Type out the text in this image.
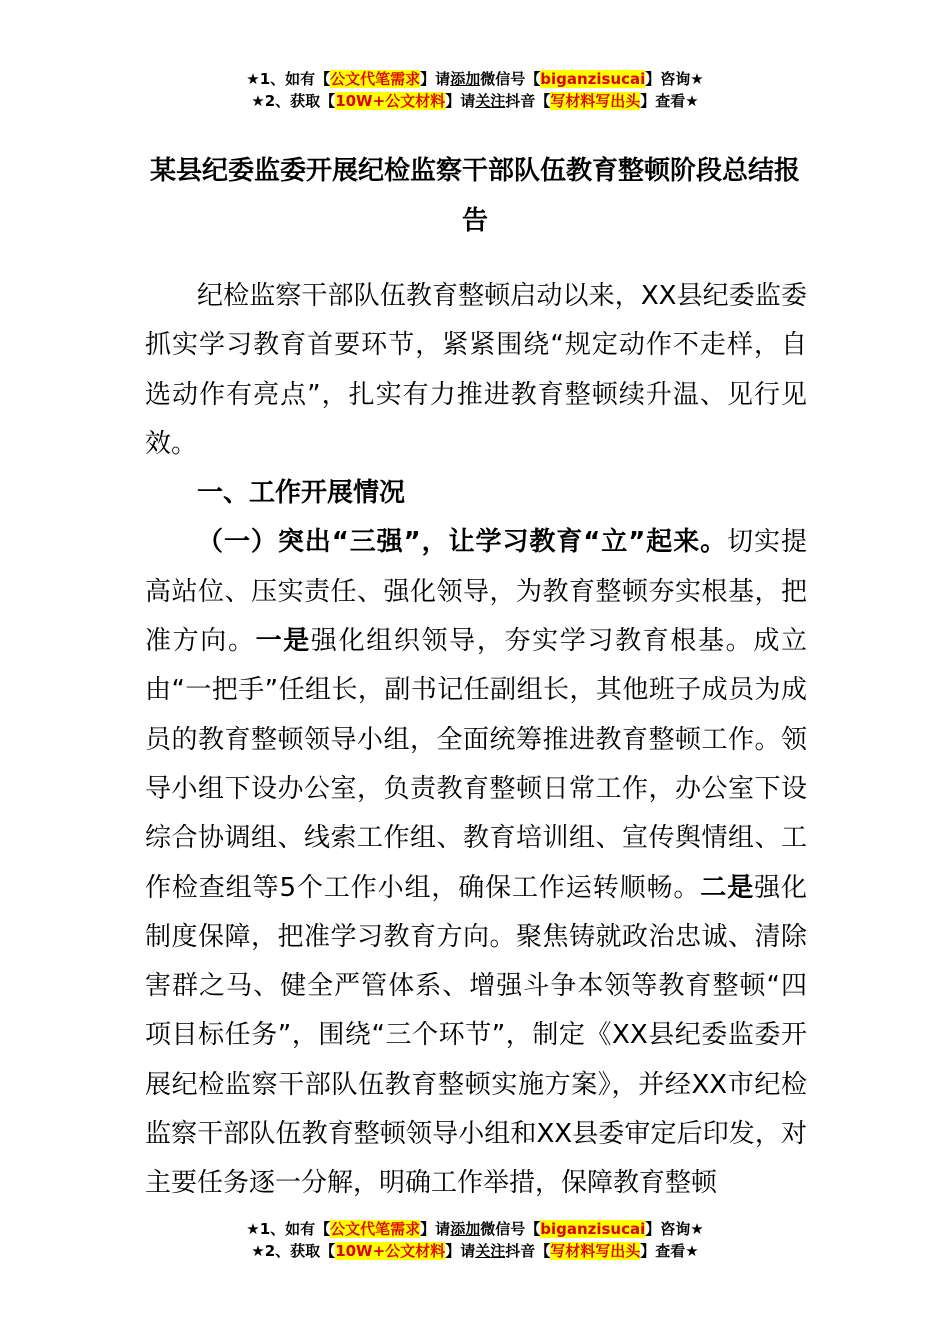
★1、如有【公文代笔需求】请添加微信号【biganzisucai】咨询★
★2、获取【10W+公文材料】请关注抖音【写材料写出头】查看★
某县纪委监委开展纪检监察干部队伍教育整顿阶段总结报告

纪检监察干部队伍教育整顿启动以来，XX县纪委监委抓实学习教育首要环节，紧紧围绕“规定动作不走样，自选动作有亮点”，扎实有力推进教育整顿续升温、见行见效。

一、工作开展情况

（一）突出“三强”，让学习教育“立”起来。切实提高站位、压实责任、强化领导，为教育整顿夯实根基，把准方向。一是强化组织领导，夯实学习教育根基。成立由“一把手”任组长，副书记任副组长，其他班子成员为成员的教育整顿领导小组，全面统筹推进教育整顿工作。领导小组下设办公室，负责教育整顿日常工作，办公室下设综合协调组、线索工作组、教育培训组、宣传舆情组、工作检查组等5个工作小组，确保工作运转顺畅。二是强化制度保障，把准学习教育方向。聚焦铸就政治忠诚、清除害群之马、健全严管体系、增强斗争本领等教育整顿“四项目标任务”，围绕“三个环节”，制定《XX县纪委监委开展纪检监察干部队伍教育整顿实施方案》，并经XX市纪检监察干部队伍教育整顿领导小组和XX县委审定后印发，对主要任务逐一分解，明确工作举措，保障教育整顿

★1、如有【公文代笔需求】请添加微信号【biganzisucai】咨询★
★2、获取【10W+公文材料】请关注抖音【写材料写出头】查看★
